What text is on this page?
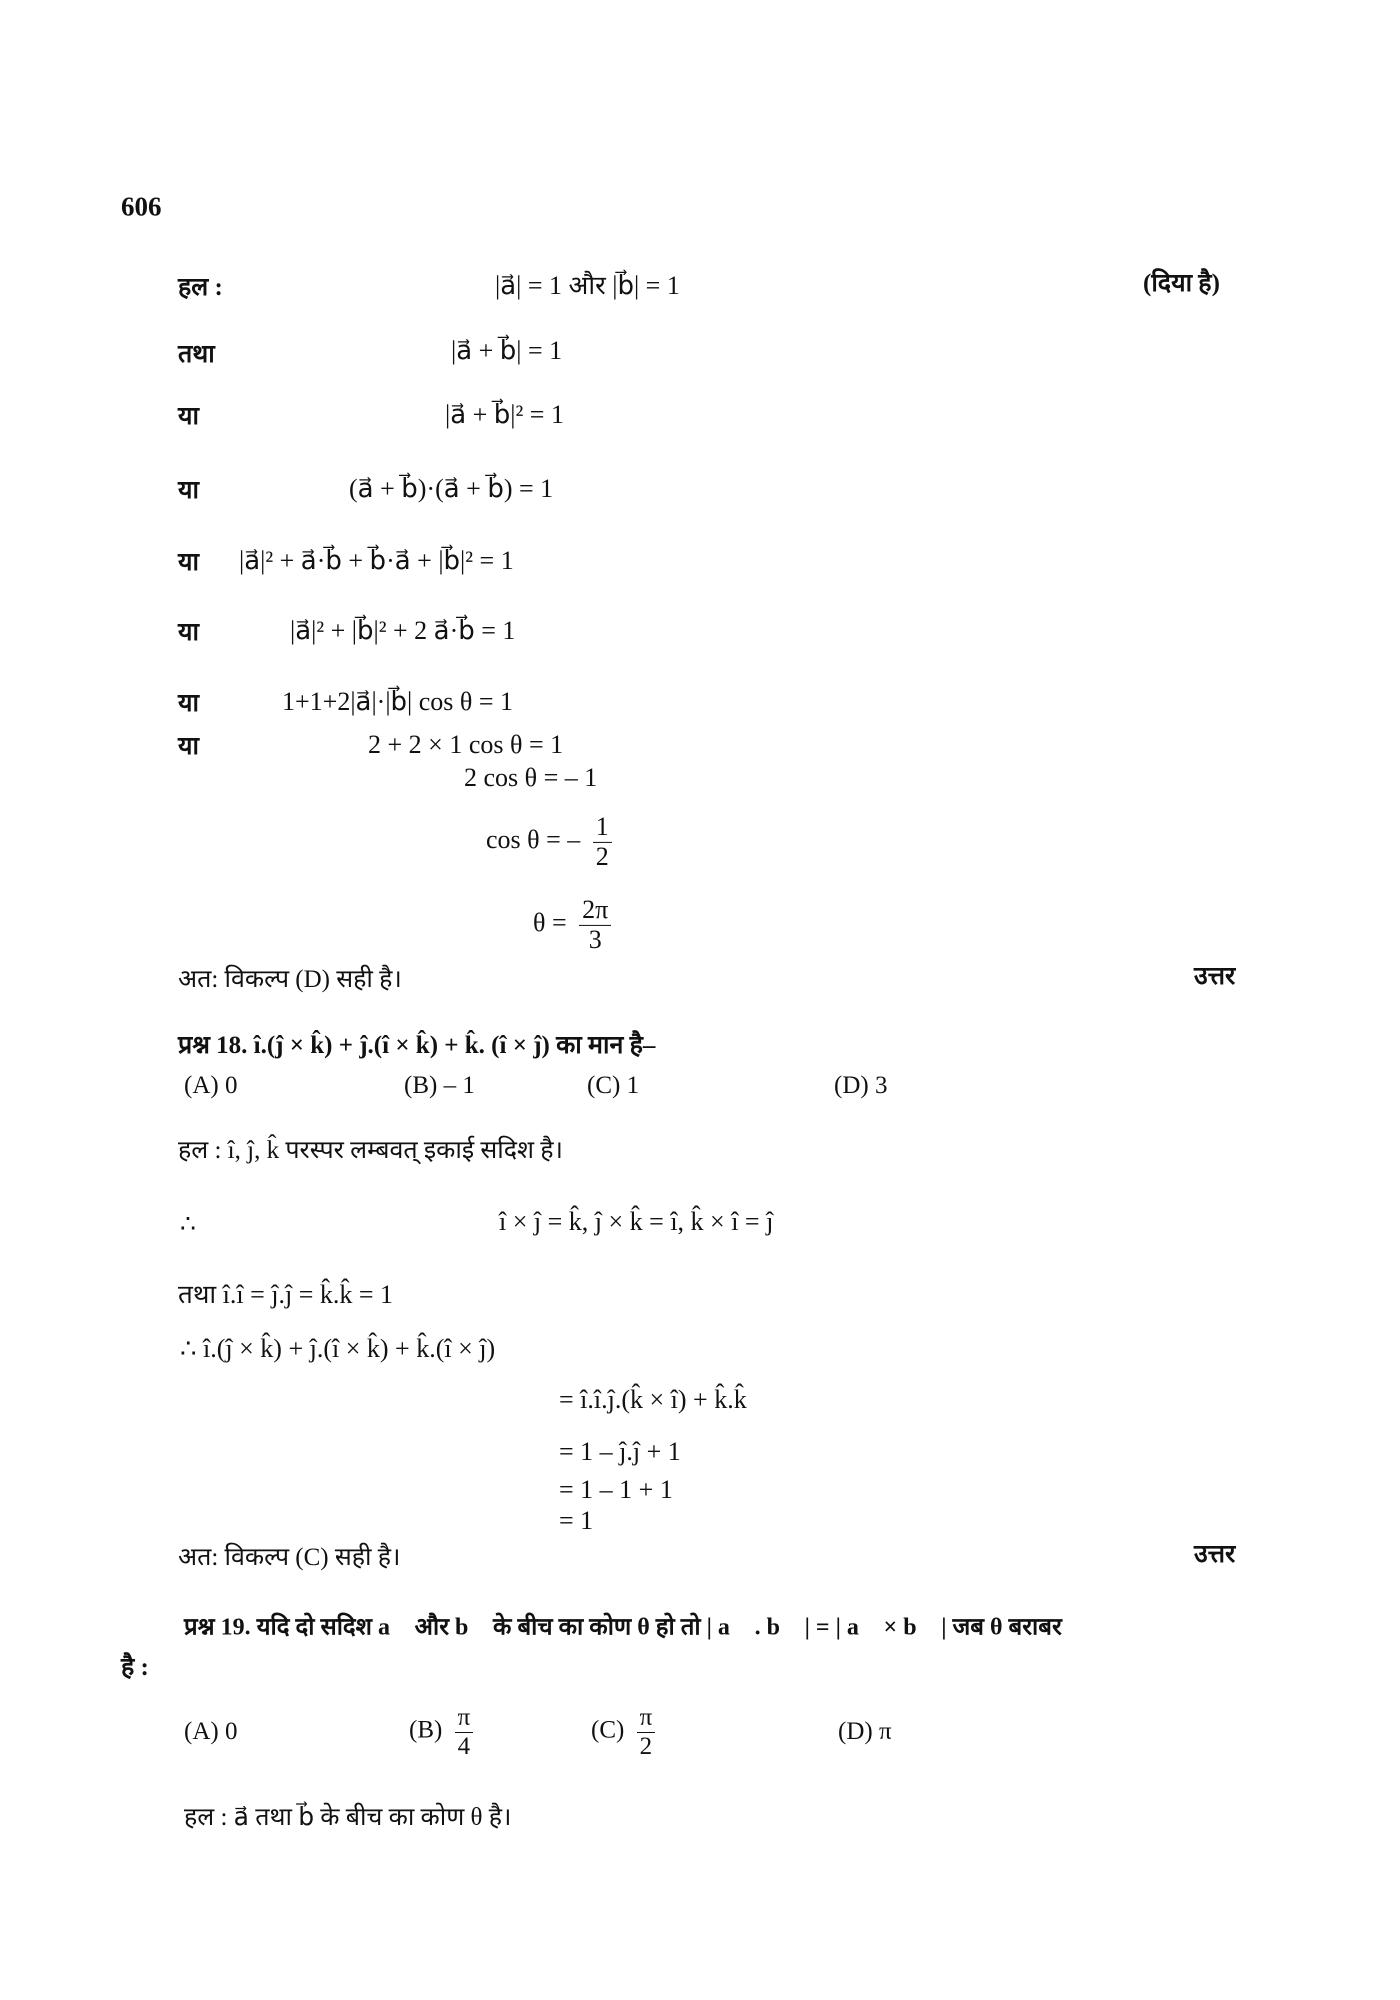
606
हल :	|a⃗| = 1 और |b⃗| = 1	(दिया है)
तथा	|a⃗ + b⃗| = 1
या	|a⃗ + b⃗|² = 1
या	(a⃗ + b⃗)·(a⃗ + b⃗) = 1
या |a⃗|² + a⃗·b⃗ + b⃗·a⃗ + |b⃗|² = 1
या	|a⃗|² + |b⃗|² + 2 a⃗·b⃗ = 1
या	1+1+2|a⃗|·|b⃗| cos θ = 1
या	2 + 2 × 1 cos θ = 1
2 cos θ = – 1
cos θ = – $\frac{1}{2}$
$\theta = \frac{2\pi}{3}$
अत: विकल्प (D) सही है।	उत्तर
प्रश्न 18. î.(ĵ × k̂) + ĵ.(î × k̂) + k̂. (î × ĵ) का मान है–
(A) 0	(B) – 1	(C) 1	(D) 3
हल : î, ĵ, k̂ परस्पर लम्बवत् इकाई सदिश है।
∴	î × ĵ = k̂, ĵ × k̂ = î, k̂ × î = ĵ
तथा î.î = ĵ.ĵ = k̂.k̂ = 1
∴ î.(ĵ × k̂) + ĵ.(î × k̂) + k̂.(î × ĵ)
= î.î.ĵ.(k̂ × î) + k̂.k̂
= 1 – ĵ.ĵ + 1
= 1 – 1 + 1
= 1
अत: विकल्प (C) सही है।	उत्तर
प्रश्न 19. यदि दो सदिश a⃗ और b⃗ के बीच का कोण θ हो तो | a⃗ . b⃗ | = | a⃗ × b⃗ | जब θ बराबर
है :
(A) 0	$(B) \frac{\pi}{4}$	$(C) \frac{\pi}{2}$	(D) π
हल : a⃗ तथा b⃗ के बीच का कोण θ है।
